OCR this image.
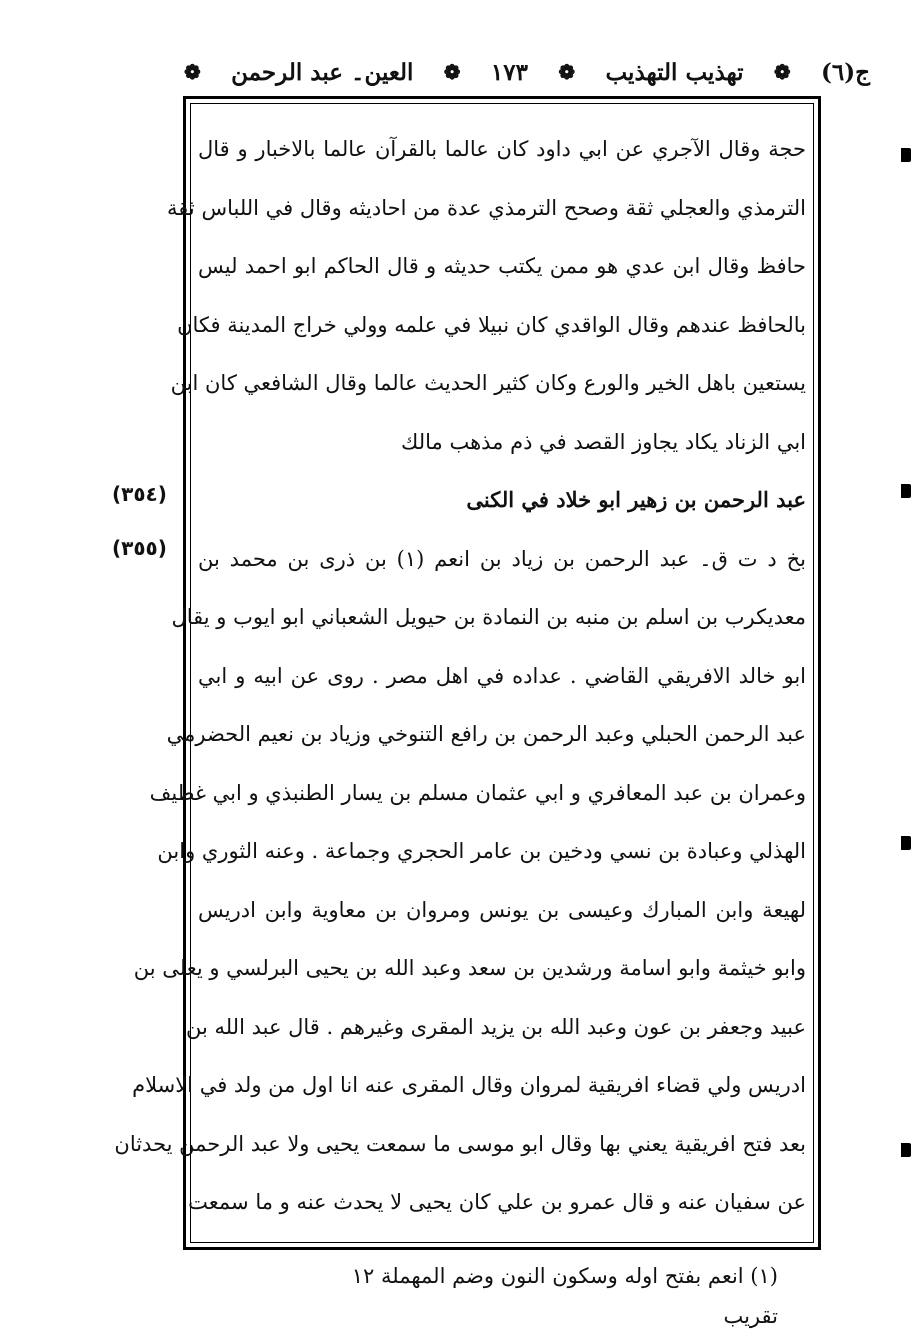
ج(٦)
❁
تهذيب التهذيب
❁
١٧٣
❁
العين۔ عبد الرحمن
❁
حجة وقال الآجري عن ابي داود كان عالما بالقرآن عالما بالاخبار و قال
الترمذي والعجلي ثقة وصحح الترمذي عدة من احاديثه وقال في اللباس ثقة
حافظ وقال ابن عدي هو ممن يكتب حديثه و قال الحاكم ابو احمد ليس
بالحافظ عندهم وقال الواقدي كان نبيلا في علمه وولي خراج المدينة فكان
يستعين باهل الخير والورع وكان كثير الحديث عالما وقال الشافعي كان ابن
ابي الزناد يكاد يجاوز القصد في ذم مذهب مالك
عبد الرحمن بن زهير ابو خلاد في الكنى
بخ د ت ق۔ عبد الرحمن بن زياد بن انعم (١) بن ذرى بن محمد بن
معديكرب بن اسلم بن منبه بن النمادة بن حيويل الشعباني ابو ايوب و يقال
ابو خالد الافريقي القاضي . عداده في اهل مصر . روى عن ابيه و ابي
عبد الرحمن الحبلي وعبد الرحمن بن رافع التنوخي وزياد بن نعيم الحضرمي
وعمران بن عبد المعافري و ابي عثمان مسلم بن يسار الطنبذي و ابي غطيف
الهذلي وعبادة بن نسي ودخين بن عامر الحجري وجماعة . وعنه الثوري وابن
لهيعة وابن المبارك وعيسى بن يونس ومروان بن معاوية وابن ادريس
وابو خيثمة وابو اسامة ورشدين بن سعد وعبد الله بن يحيى البرلسي و يعلى بن
عبيد وجعفر بن عون وعبد الله بن يزيد المقرى وغيرهم . قال عبد الله بن
ادريس ولي قضاء افريقية لمروان وقال المقرى عنه انا اول من ولد في الاسلام
بعد فتح افريقية يعني بها وقال ابو موسى ما سمعت يحيى ولا عبد الرحمن يحدثان
عن سفيان عنه و قال عمرو بن علي كان يحيى لا يحدث عنه و ما سمعت
(٣٥٤)
(٣٥٥)
(١) انعم بفتح اوله وسكون النون وضم المهملة ١٢ تقريب
